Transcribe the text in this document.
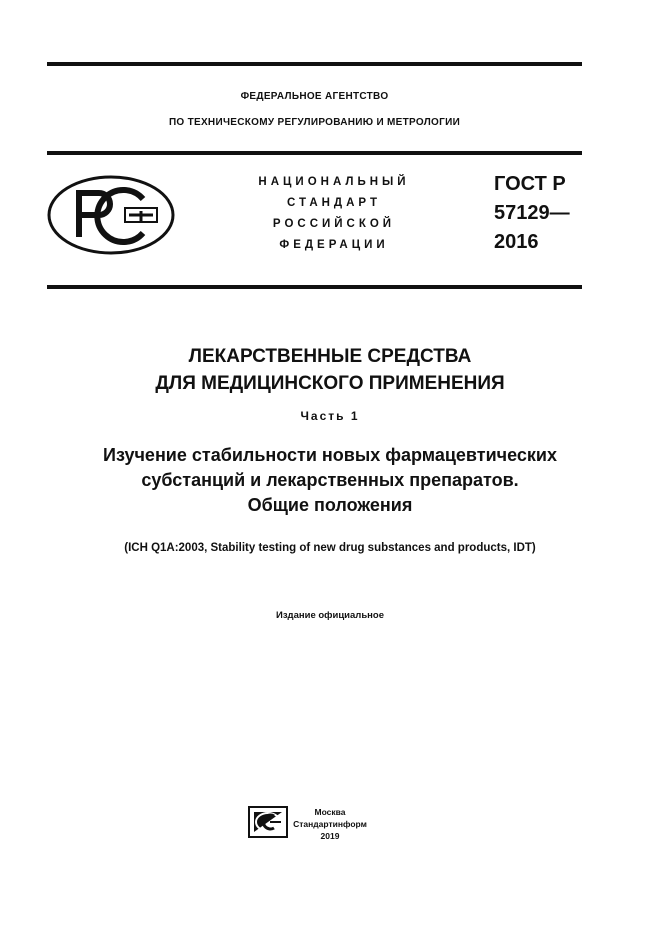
ФЕДЕРАЛЬНОЕ АГЕНТСТВО
ПО ТЕХНИЧЕСКОМУ РЕГУЛИРОВАНИЮ И МЕТРОЛОГИИ
НАЦИОНАЛЬНЫЙ
СТАНДАРТ
РОССИЙСКОЙ
ФЕДЕРАЦИИ
ГОСТ Р
57129—
2016
ЛЕКАРСТВЕННЫЕ СРЕДСТВА
ДЛЯ МЕДИЦИНСКОГО ПРИМЕНЕНИЯ
Часть 1
Изучение стабильности новых фармацевтических
субстанций и лекарственных препаратов.
Общие положения
(ICH Q1A:2003, Stability testing of new drug substances and products, IDT)
Издание официальное
Москва
Стандартинформ
2019
